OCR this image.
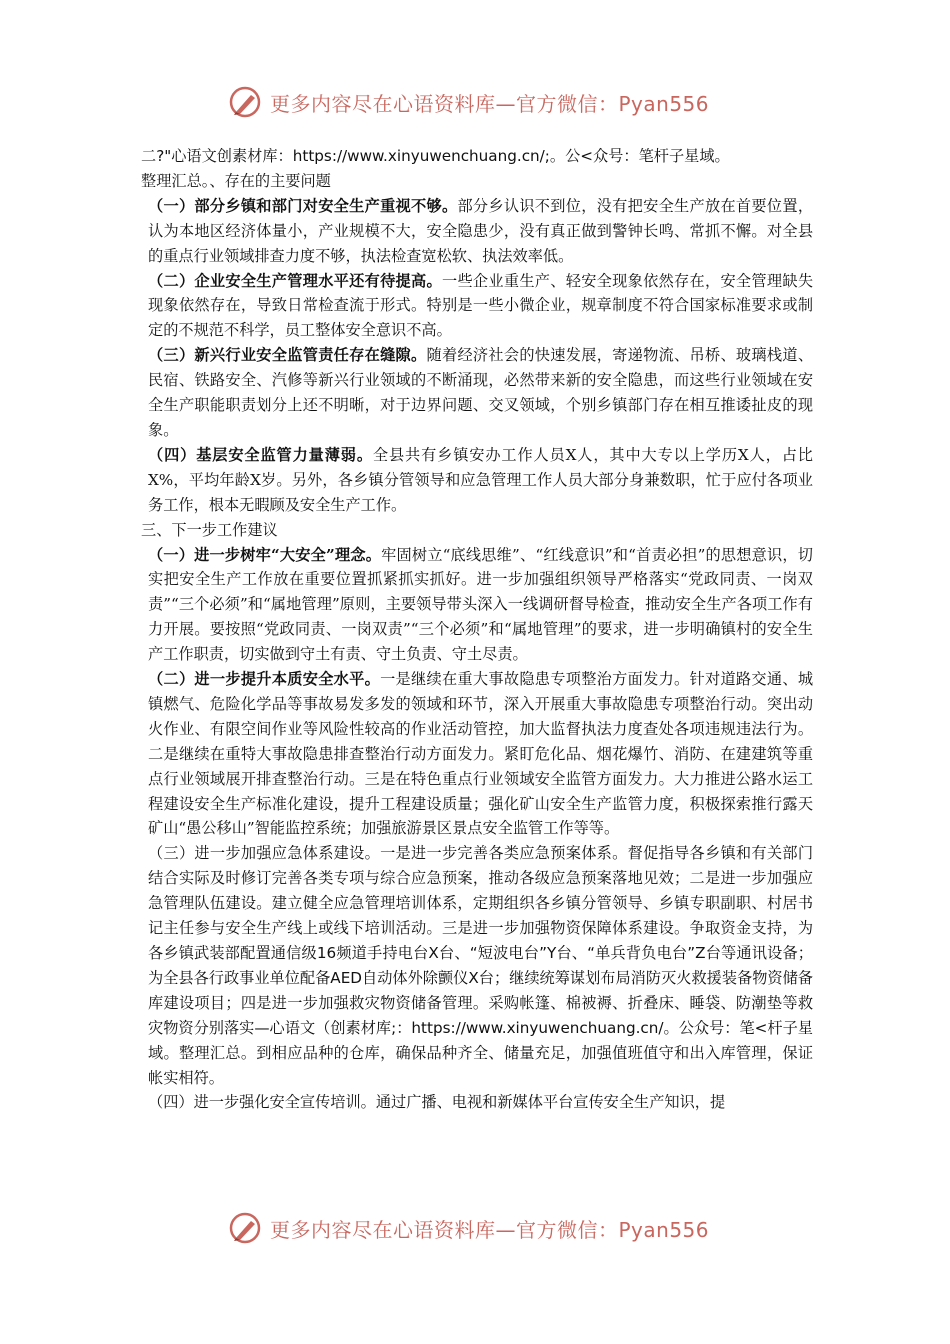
更多内容尽在心语资料库—官方微信：Pyan556

二?"心语文创素材库：https://www.xinyuwenchuang.cn/;。公<众号：笔杆子星域。

整理汇总。、存在的主要问题

（一）部分乡镇和部门对安全生产重视不够。部分乡认识不到位，没有把安全生产放在首要位置，认为本地区经济体量小，产业规模不大，安全隐患少，没有真正做到警钟长鸣、常抓不懈。对全县的重点行业领域排查力度不够，执法检查宽松软、执法效率低。

（二）企业安全生产管理水平还有待提高。一些企业重生产、轻安全现象依然存在，安全管理缺失现象依然存在，导致日常检查流于形式。特别是一些小微企业，规章制度不符合国家标准要求或制定的不规范不科学，员工整体安全意识不高。

（三）新兴行业安全监管责任存在缝隙。随着经济社会的快速发展，寄递物流、吊桥、玻璃栈道、民宿、铁路安全、汽修等新兴行业领域的不断涌现，必然带来新的安全隐患，而这些行业领域在安全生产职能职责划分上还不明晰，对于边界问题、交叉领域，个别乡镇部门存在相互推诿扯皮的现象。

（四）基层安全监管力量薄弱。全县共有乡镇安办工作人员X人，其中大专以上学历X人，占比X%，平均年龄X岁。另外，各乡镇分管领导和应急管理工作人员大部分身兼数职，忙于应付各项业务工作，根本无暇顾及安全生产工作。

三、下一步工作建议

（一）进一步树牢“大安全”理念。牢固树立“底线思维”、“红线意识”和“首责必担”的思想意识，切实把安全生产工作放在重要位置抓紧抓实抓好。进一步加强组织领导严格落实“党政同责、一岗双责”“三个必须”和“属地管理”原则，主要领导带头深入一线调研督导检查，推动安全生产各项工作有力开展。要按照“党政同责、一岗双责”“三个必须”和“属地管理”的要求，进一步明确镇村的安全生产工作职责，切实做到守土有责、守土负责、守土尽责。

（二）进一步提升本质安全水平。一是继续在重大事故隐患专项整治方面发力。针对道路交通、城镇燃气、危险化学品等事故易发多发的领域和环节，深入开展重大事故隐患专项整治行动。突出动火作业、有限空间作业等风险性较高的作业活动管控，加大监督执法力度查处各项违规违法行为。二是继续在重特大事故隐患排查整治行动方面发力。紧盯危化品、烟花爆竹、消防、在建建筑等重点行业领域展开排查整治行动。三是在特色重点行业领域安全监管方面发力。大力推进公路水运工程建设安全生产标准化建设，提升工程建设质量；强化矿山安全生产监管力度，积极探索推行露天矿山“愚公移山”智能监控系统；加强旅游景区景点安全监管工作等等。

（三）进一步加强应急体系建设。一是进一步完善各类应急预案体系。督促指导各乡镇和有关部门结合实际及时修订完善各类专项与综合应急预案，推动各级应急预案落地见效；二是进一步加强应急管理队伍建设。建立健全应急管理培训体系，定期组织各乡镇分管领导、乡镇专职副职、村居书记主任参与安全生产线上或线下培训活动。三是进一步加强物资保障体系建设。争取资金支持，为各乡镇武装部配置通信级16频道手持电台X台、“短波电台”Y台、“单兵背负电台”Z台等通讯设备；为全县各行政事业单位配备AED自动体外除颤仪X台；继续统筹谋划布局消防灭火救援装备物资储备库建设项目；四是进一步加强救灾物资储备管理。采购帐篷、棉被褥、折叠床、睡袋、防潮垫等救灾物资分别落实—心语文（创素材库;：https://www.xinyuwenchuang.cn/。公众号：笔<杆子星域。整理汇总。到相应品种的仓库，确保品种齐全、储量充足，加强值班值守和出入库管理，保证帐实相符。

（四）进一步强化安全宣传培训。通过广播、电视和新媒体平台宣传安全生产知识，提

更多内容尽在心语资料库—官方微信：Pyan556
